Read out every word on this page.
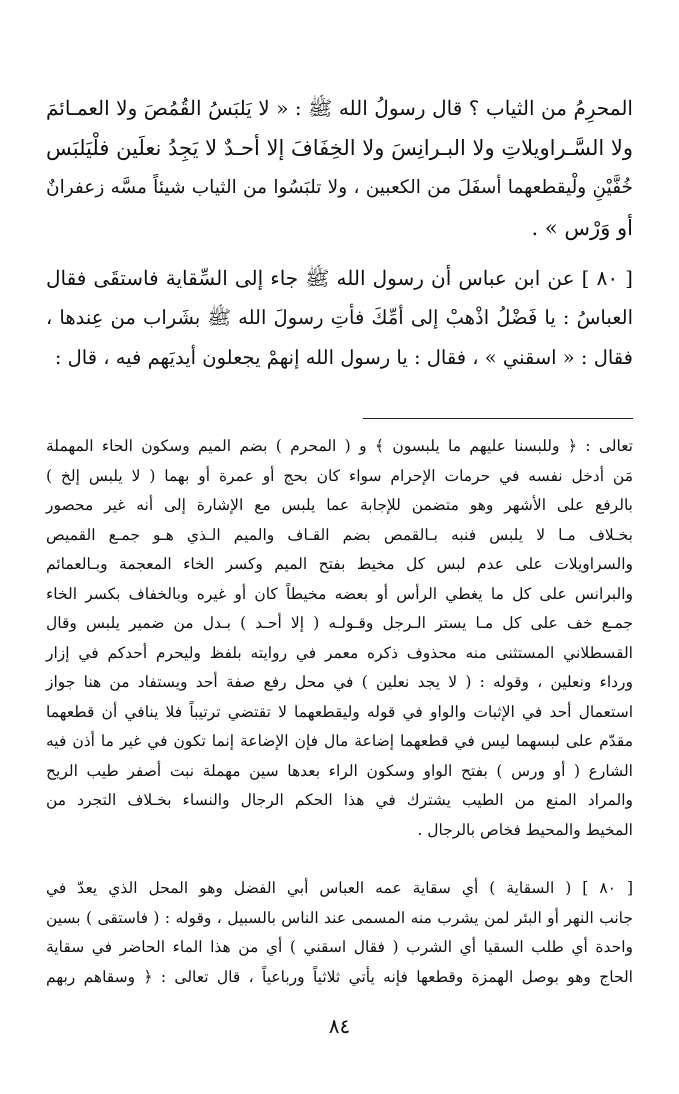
المحرِمُ من الثياب ؟ قال رسولُ الله ﷺ : « لا يَلبَسُ القُمُصَ ولا العمـائمَ
ولا السَّـراويلاتِ ولا البـرانِسَ ولا الخِفَافَ إلا أحـدٌ لا يَجِدُ نعلَين فلْيَلبَس
خُفَّيْنِ ولْيقطعهما أسفَلَ من الكعبين ، ولا تلبَسُوا من الثياب شيئاً مسَّه زعفرانٌ
أو وَرْس » .

[ ٨٠ ] عن ابن عباس أن رسول الله ﷺ جاء إلى السِّقاية فاستقَى فقال
العباسُ : يا فَضْلُ اذْهبْ إلى أمِّكَ فأتِ رسولَ الله ﷺ بشَراب من عِندها ،
فقال : « اسقني » ، فقال : يا رسول الله إنهمْ يجعلون أيديَهم فيه ، قال :

تعالى : ﴿ وللبسنا عليهم ما يلبسون ﴾ و ( المحرم ) بضم الميم وسكون الحاء المهملة
مَن أدخل نفسه في حرمات الإحرام سواء كان بحج أو عمرة أو بهما ( لا يلبس إلخ )
بالرفع على الأشهر وهو متضمن للإجابة عما يلبس مع الإشارة إلى أنه غير محصور
بخـلاف مـا لا يلبس فنبه بـالقمص بضم القـاف والميم الـذي هـو جمـع القميص
والسراويلات على عدم لبس كل مخيط بفتح الميم وكسر الخاء المعجمة وبـالعمائم
والبرانس على كل ما يغطي الرأس أو بعضه مخيطاً كان أو غيره وبالخفاف بكسر الخاء
جمـع خف على كل مـا يستر الـرجل وقـولـه ( إلا أحـد ) بـدل من ضمير يلبس وقال
القسطلاني المستثنى منه محذوف ذكره معمر في روايته بلفظ وليحرم أحدكم في إزار
ورداء ونعلين ، وقوله : ( لا يجد نعلين ) في محل رفع صفة أحد ويستفاد من هنا جواز
استعمال أحد في الإثبات والواو في قوله وليقطعهما لا تقتضي ترتيباً فلا ينافي أن قطعهما
مقدّم على لبسهما ليس في قطعهما إضاعة مال فإن الإضاعة إنما تكون في غير ما أذن فيه
الشارع ( أو ورس ) بفتح الواو وسكون الراء بعدها سين مهملة نبت أصفر طيب الريح
والمراد المنع من الطيب يشترك في هذا الحكم الرجال والنساء بخـلاف التجرد من
المخيط والمحيط فخاص بالرجال .

[ ٨٠ ] ( السقاية ) أي سقاية عمه العباس أبي الفضل وهو المحل الذي يعدّ في
جانب النهر أو البئر لمن يشرب منه المسمى عند الناس بالسبيل ، وقوله : ( فاستقى ) بسين
واحدة أي طلب السقيا أي الشرب ( فقال اسقني ) أي من هذا الماء الحاضر في سقاية
الحاج وهو بوصل الهمزة وقطعها فإنه يأتي ثلاثياً ورباعياً ، قال تعالى : ﴿ وسقاهم ربهم

٨٤
